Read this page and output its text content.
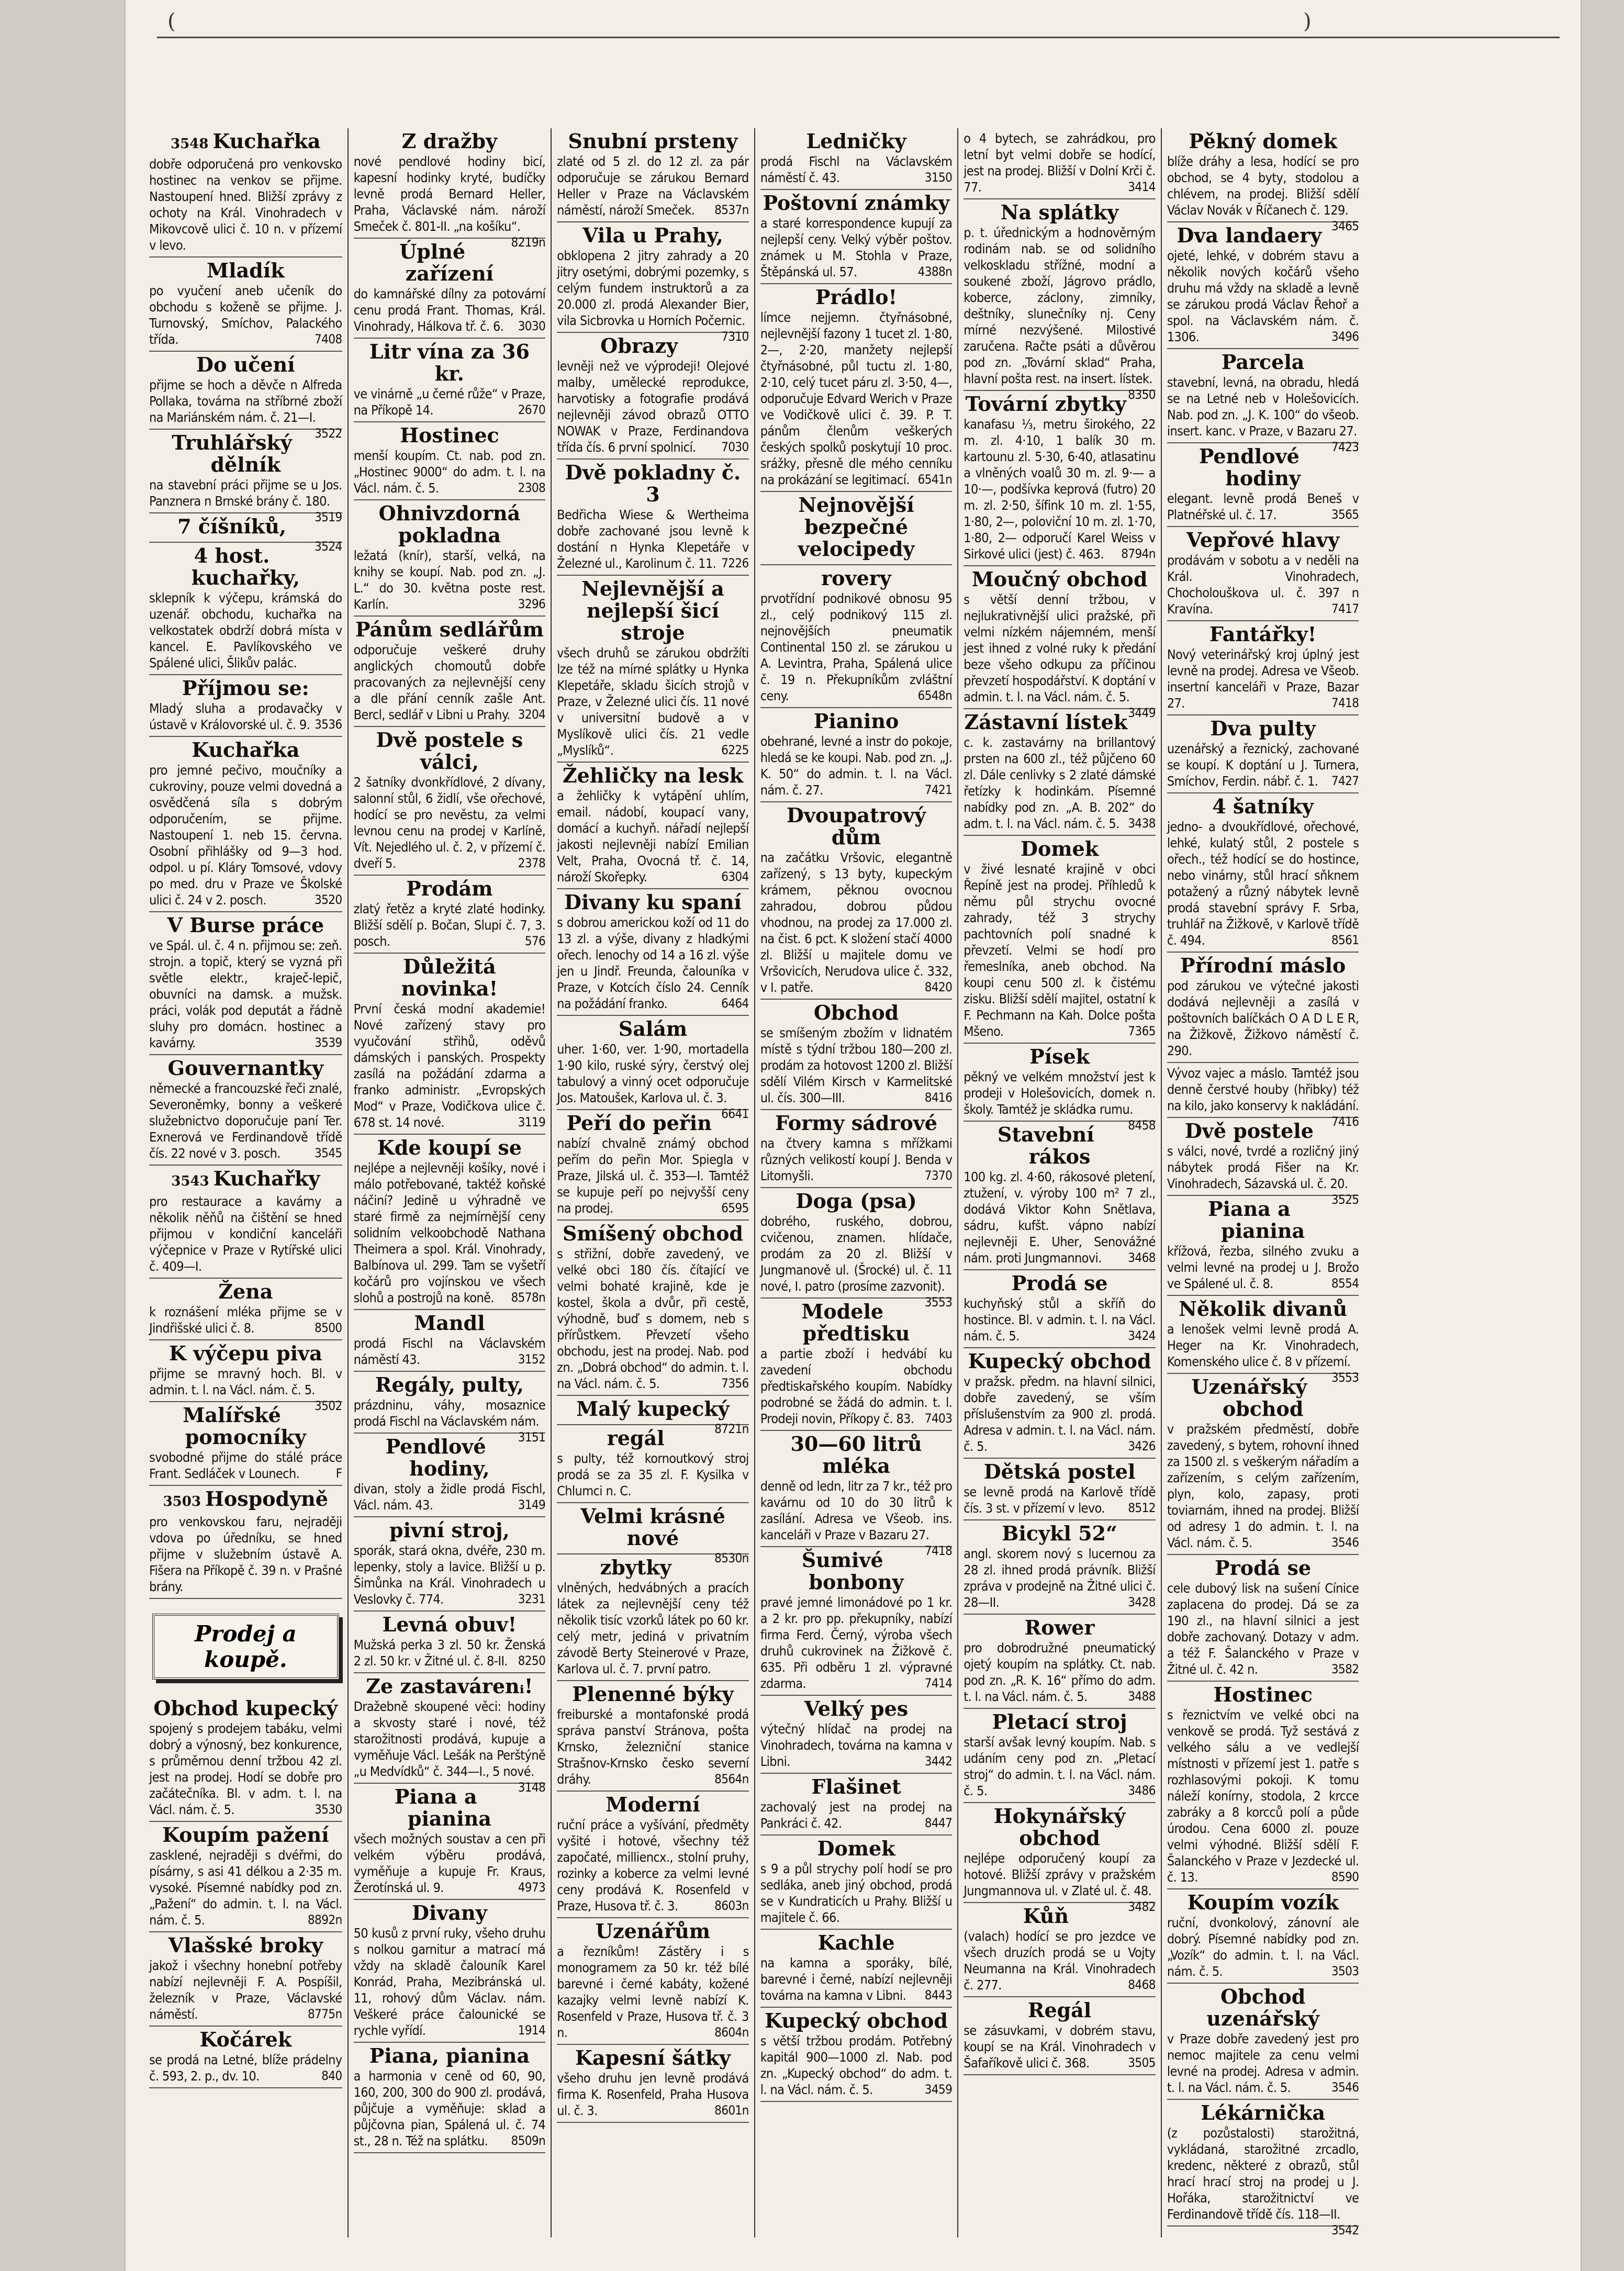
(	)
3548 Kuchařka
dobře odporučená pro venkovsko hostinec na venkov se přijme. Nastoupení hned. Bližší zprávy z ochoty na Král. Vinohradech v Mikovcově ulici č. 10 n. v přízemí v levo.
Mladík
po vyučení aneb učeník do obchodu s koženě se přijme. J. Turnovský, Smíchov, Palackého třída.	7408
Do učení
přijme se hoch a děvče n Alfreda Pollaka, továrna na stříbrné zboží na Mariánském nám. č. 21—I.
3522
Truhlářský dělník
na stavební práci přijme se u Jos. Panznera n Brnské brány č. 180.
3519
7 číšníků,
3524
4 host. kuchařky,
sklepník k výčepu, krámská do uzenář. obchodu, kuchařka na velkostatek obdrží dobrá místa v kancel. E. Pavlíkovského ve Spálené ulici, Šlikův palác.
Příjmou se:
Mladý sluha a prodavačky v ústavě v Královorské ul. č. 9. 3536
Kuchařka
pro jemné pečivo, moučníky a cukroviny, pouze velmi dovedná a osvědčená síla s dobrým odporučením, se přijme. Nastoupení 1. neb 15. června. Osobní přihlášky od 9—3 hod. odpol. u pí. Kláry Tomsové, vdovy po med. dru v Praze ve Školské ulici č. 24 v 2. posch.	3520
V Burse práce
ve Spál. ul. č. 4 n. přijmou se: zeň. strojn. a topič, který se vyzná při světle elektr., kraječ-lepič, obuvníci na damsk. a mužsk. práci, volák pod deputát a řádně sluhy pro domácn. hostinec a kavárny.	3539
Gouvernantky
německé a francouzské řeči znalé, Severoněmky, bonny a veškeré služebnictvo doporučuje paní Ter. Exnerová ve Ferdinandově třídě čís. 22 nové v 3. posch.	3545
3543 Kuchařky
pro restaurace a kavárny a několik něňů na čištění se hned přijmou v kondiční kanceláři výčepnice v Praze v Rytířské ulici č. 409—I.
Žena
k roznášení mléka přijme se v Jindřišské ulici č. 8.	8500
K výčepu piva
přijme se mravný hoch. Bl. v admin. t. l. na Václ. nám. č. 5.
3502
Malířské pomocníky
svobodné přijme do stálé práce Frant. Sedláček v Lounech.	F
3503 Hospodyně
pro venkovskou faru, nejraději vdova po úředníku, se hned přijme v služebním ústavě A. Fišera na Příkopě č. 39 n. v Prašné brány.
Prodej a koupě.
Obchod kupecký
spojený s prodejem tabáku, velmi dobrý a výnosný, bez konkurence, s průměrnou denní tržbou 42 zl. jest na prodej. Hodí se dobře pro začátečníka. Bl. v adm. t. l. na Václ. nám. č. 5.	3530
Koupím pažení
zasklené, nejraději s dvéřmi, do písárny, s asi 41 délkou a 2·35 m. vysoké. Písemné nabídky pod zn. „Pažení“ do admin. t. l. na Václ. nám. č. 5.	8892n
Vlašské broky
jakož i všechny honební potřeby nabízí nejlevněji F. A. Pospíšil, železník v Praze, Václavské náměstí.	8775n
Kočárek
se prodá na Letné, blíže prádelny č. 593, 2. p., dv. 10.	840
Z dražby
nové pendlové hodiny bicí, kapesní hodinky kryté, budíčky levně prodá Bernard Heller, Praha, Václavské nám. nároží Smeček č. 801-II. „na košíku“.
8219n
Úplné zařízení
do kamnářské dílny za potovární cenu prodá Frant. Thomas, Král. Vinohrady, Hálkova tř. č. 6. 3030
Litr vína za 36 kr.
ve vinárně „u černé růže“ v Praze, na Příkopě 14.	2670
Hostinec
menší koupím. Ct. nab. pod zn. „Hostinec 9000“ do adm. t. l. na Václ. nám. č. 5.	2308
Ohnivzdorná pokladna
ležatá (knír), starší, velká, na knihy se koupí. Nab. pod zn. „J. L.“ do 30. května poste rest. Karlín.	3296
Pánům sedlářům
odporučuje veškeré druhy anglických chomoutů dobře pracovaných za nejlevnější ceny a dle přání cenník zašle Ant. Bercl, sedlář v Libni u Prahy. 3204
Dvě postele s válci,
2 šatníky dvonkřídlové, 2 dívany, salonní stůl, 6 židlí, vše ořechové, hodící se pro nevěstu, za velmi levnou cenu na prodej v Karlíně, Vít. Nejedlého ul. č. 2, v přízemí č. dveří 5.	2378
Prodám
zlatý řetěz a kryté zlaté hodinky. Bližší sdělí p. Bočan, Slupi č. 7, 3. posch.	576
Důležitá novinka!
První česká modní akademie! Nové zařízený stavy pro vyučování střihů, oděvů dámských i panských. Prospekty zasílá na požádání zdarma a franko administr. „Evropských Mod“ v Praze, Vodičkova ulice č. 678 st. 14 nové.	3119
Kde koupí se
nejlépe a nejlevněji košíky, nové i málo potřebované, taktéž koňské náčiní? Jedině u výhradně ve staré firmě za nejmírnější ceny solidním velkoobchodě Nathana Theimera a spol. Král. Vinohrady, Balbínova ul. 299. Tam se vyšetří kočárů pro vojínskou ve všech slohů a postrojů na koně. 8578n
Mandl
prodá Fischl na Václavském náměstí 43.	3152
Regály, pulty,
prázdninu, váhy, mosaznice prodá Fischl na Václavském nám.
3151
Pendlové hodiny,
divan, stoly a židle prodá Fischl, Václ. nám. 43.	3149
pivní stroj,
sporák, stará okna, dvéře, 230 m. lepenky, stoly a lavice. Bližší u p. Šimůnka na Král. Vinohradech u Veslovky č. 774.	3231
Levná obuv!
Mužská perka 3 zl. 50 kr. Ženská 2 zl. 50 kr. v Žitné ul. č. 8-II. 8250
Ze zastavárenᵢ!
Dražebně skoupené věci: hodiny a skvosty staré i nové, též starožitnosti prodává, kupuje a vyměňuje Václ. Lešák na Perštýně „u Medvídků“ č. 344—I., 5 nové.
3148
Piana a pianina
všech možných soustav a cen při velkém výběru prodává, vyměňuje a kupuje Fr. Kraus, Žerotínská ul. 9.	4973
Divany
50 kusů z první ruky, všeho druhu s nolkou garnitur a matrací má vždy na skladě čalouník Karel Konrád, Praha, Mezibránská ul. 11, rohový dům Václav. nám. Veškeré práce čalounické se rychle vyřídí.	1914
Piana, pianina
a harmonia v ceně od 60, 90, 160, 200, 300 do 900 zl. prodává, půjčuje a vyměňuje: sklad a půjčovna pian, Spálená ul. č. 74 st., 28 n. Též na splátku. 8509n
Snubní prsteny
zlaté od 5 zl. do 12 zl. za pár odporučuje se zárukou Bernard Heller v Praze na Václavském náměstí, nároží Smeček. 8537n
Vila u Prahy,
obklopena 2 jitry zahrady a 20 jitry osetými, dobrými pozemky, s celým fundem instruktorů a za 20.000 zl. prodá Alexander Bier, vila Sicbrovka u Horních Počernic.
7310
Obrazy
levněji než ve výprodeji! Olejové malby, umělecké reprodukce, harvotisky a fotografie prodává nejlevněji závod obrazů OTTO NOWAK v Praze, Ferdinandova třída čís. 6 první spolnicí. 7030
Dvě pokladny č. 3
Bedřicha Wiese & Wertheima dobře zachované jsou levně k dostání n Hynka Klepetáře v Železné ul., Karolinum č. 11. 7226
Nejlevnější a nejlepší šicí stroje
všech druhů se zárukou obdržíti lze též na mírné splátky u Hynka Klepetáře, skladu šicích strojů v Praze, v Železné ulici čís. 11 nové v universitní budově a v Myslíkově ulici čís. 21 vedle „Myslíků“.	6225
Žehličky na lesk
a žehličky k vytápění uhlím, email. nádobí, koupací vany, domácí a kuchyň. nářadí nejlepší jakosti nejlevněji nabízí Emilian Velt, Praha, Ovocná tř. č. 14, nároží Skořepky.	6304
Divany ku spaní
s dobrou americkou koží od 11 do 13 zl. a výše, divany z hladkými ořech. lenochy od 14 a 16 zl. výše jen u Jindř. Freunda, čalouníka v Praze, v Kotcích číslo 24. Cenník na požádání franko.	6464
Salám
uher. 1·60, ver. 1·90, mortadella 1·90 kilo, ruské sýry, čerstvý olej tabulový a vinný ocet odporučuje Jos. Matoušek, Karlova ul. č. 3.
6641
Peří do peřin
nabízí chvalně známý obchod peřím do peřin Mor. Spiegla v Praze, Jilská ul. č. 353—I. Tamtéž se kupuje peří po nejvyšší ceny na prodej.	6595
Smíšený obchod
s střižní, dobře zavedený, ve velké obci 180 čís. čítající ve velmi bohaté krajině, kde je kostel, škola a dvůr, při cestě, výhodně, buď s domem, neb s přírůstkem. Převzetí všeho obchodu, jest na prodej. Nab. pod zn. „Dobrá obchod“ do admin. t. l. na Václ. nám. č. 5.	7356
Malý kupecký
8721n
regál
s pulty, též kornoutkový stroj prodá se za 35 zl. F. Kysilka v Chlumci n. C.
Velmi krásné nové
8530n
zbytky
vlněných, hedvábných a pracích látek za nejlevnější ceny též několik tisíc vzorků látek po 60 kr. celý metr, jediná v privatním závodě Berty Steinerové v Praze, Karlova ul. č. 7. první patro.
Plenenné býky
freiburské a montafonské prodá správa panství Stránova, pošta Krnsko, železniční stanice Strašnov-Krnsko česko severní dráhy.	8564n
Moderní
ruční práce a vyšívání, předměty vyšité i hotové, všechny též započaté, milliencx., stolní pruhy, rozinky a koberce za velmi levné ceny prodává K. Rosenfeld v Praze, Husova tř. č. 3.	8603n
Uzenářům
a řezníkům! Zástěry i s monogramem za 50 kr. též bílé barevné i černé kabáty, kožené kazajky velmi levně nabízí K. Rosenfeld v Praze, Husova tř. č. 3 n.	8604n
Kapesní šátky
všeho druhu jen levně prodává firma K. Rosenfeld, Praha Husova ul. č. 3.	8601n
Ledničky
prodá Fischl na Václavském náměstí č. 43.	3150
Poštovní známky
a staré korrespondence kupují za nejlepší ceny. Velký výběr poštov. známek u M. Stohla v Praze, Štěpánská ul. 57.	4388n
Prádlo!
límce nejjemn. čtyřnásobné, nejlevnější fazony 1 tucet zl. 1·80, 2—, 2·20, manžety nejlepší čtyřnásobné, půl tuctu zl. 1·80, 2·10, celý tucet páru zl. 3·50, 4—, odporučuje Edvard Werich v Praze ve Vodičkově ulici č. 39. P. T. pánům členům veškerých českých spolků poskytují 10 proc. srážky, přesně dle mého cenníku na prokázání se legitimací. 6541n
Nejnovější bezpečné velocipedy
rovery
prvotřídní podnikové obnosu 95 zl., celý podnikový 115 zl. nejnovějších pneumatik Continental 150 zl. se zárukou u A. Levintra, Praha, Spálená ulice č. 19 n. Překupníkům zvláštní ceny.	6548n
Pianino
obehrané, levné a instr do pokoje, hledá se ke koupi. Nab. pod zn. „J. K. 50“ do admin. t. l. na Václ. nám. č. 27.	7421
Dvoupatrový dům
na začátku Vršovic, elegantně zařízený, s 13 byty, kupeckým krámem, pěknou ovocnou zahradou, dobrou půdou vhodnou, na prodej za 17.000 zl. na čist. 6 pct. K složení stačí 4000 zl. Bližší u majitele domu ve Vršovicích, Nerudova ulice č. 332, v I. patře.	8420
Obchod
se smíšeným zbožím v lidnatém místě s týdní tržbou 180—200 zl. prodám za hotovost 1200 zl. Bližší sdělí Vilém Kirsch v Karmelitské ul. čís. 300—III.	8416
Formy sádrové
na čtvery kamna s mřížkami různých velikostí koupí J. Benda v Litomyšli.	7370
Doga (psa)
dobrého, ruského, dobrou, cvičenou, znamen. hlídače, prodám za 20 zl. Bližší v Jungmanově ul. (Šrocké) ul. č. 11 nové, I. patro (prosíme zazvonit).
3553
Modele předtisku
a partie zboží i hedvábí ku zavedení obchodu předtiskařského koupím. Nabídky podrobné se žádá do admin. t. l. Prodeji novin, Příkopy č. 83. 7403
30—60 litrů mléka
denně od ledn, litr za 7 kr., též pro kavárnu od 10 do 30 litrů k zasílání. Adresa ve Všeob. ins. kanceláři v Praze v Bazaru 27.
7418
Šumivé bonbony
pravé jemné limonádové po 1 kr. a 2 kr. pro pp. překupníky, nabízí firma Ferd. Černý, výroba všech druhů cukrovinek na Žižkově č. 635. Při odběru 1 zl. výpravné zdarma.	7414
Velký pes
výtečný hlídač na prodej na Vinohradech, továrna na kamna v Libni.	3442
Flašinet
zachovalý jest na prodej na Pankráci č. 42.	8447
Domek
s 9 a půl strychy polí hodí se pro sedláka, aneb jiný obchod, prodá se v Kundraticích u Prahy. Bližší u majitele č. 66.
Kachle
na kamna a sporáky, bílé, barevné i černé, nabízí nejlevněji továrna na kamna v Libni. 8443
Kupecký obchod
s větší tržbou prodám. Potřebný kapitál 900—1000 zl. Nab. pod zn. „Kupecký obchod“ do adm. t. l. na Václ. nám. č. 5.	3459
o 4 bytech, se zahrádkou, pro letní byt velmi dobře se hodící, jest na prodej. Bližší v Dolní Krči č. 77.	3414
Na splátky
p. t. úřednickým a hodnověrným rodinám nab. se od solidního velkoskladu střížné, modní a soukené zboží, Jágrovo prádlo, koberce, záclony, zimníky, deštníky, slunečníky nj. Ceny mírné nezvýšené. Milostivé zaručena. Račte psáti a důvěrou pod zn. „Tovární sklad“ Praha, hlavní pošta rest. na insert. lístek.
8350
Tovární zbytky
kanafasu ⅓, metru širokého, 22 m. zl. 4·10, 1 balík 30 m. kartounu zl. 5·30, 6·40, atlasatinu a vlněných voalů 30 m. zl. 9·— a 10·—, podšívka keprová (futro) 20 m. zl. 2·50, šífink 10 m. zl. 1·55, 1·80, 2—, poloviční 10 m. zl. 1·70, 1·80, 2— odporučí Karel Weiss v Sirkové ulici (jest) č. 463. 8794n
Moučný obchod
s větší denní tržbou, v nejlukrativnější ulici pražské, při velmi nízkém nájemném, menší jest ihned z volné ruky k předání beze všeho odkupu za příčinou převzetí hospodářství. K doptání v admin. t. l. na Václ. nám. č. 5.
3449
Zástavní lístek
c. k. zastavárny na brillantový prsten na 600 zl., též půjčeno 60 zl. Dále cenlivky s 2 zlaté dámské řetízky k hodinkám. Písemné nabídky pod zn. „A. B. 202“ do adm. t. l. na Václ. nám. č. 5. 3438
Domek
v živé lesnaté krajině v obci Řepíně jest na prodej. Příhledů k němu půl strychu ovocné zahrady, též 3 strychy pachtovních polí snadné k převzetí. Velmi se hodí pro řemeslníka, aneb obchod. Na koupi cenu 500 zl. k čistému zisku. Bližší sdělí majitel, ostatní k F. Pechmann na Kah. Dolce pošta Mšeno.	7365
Písek
pěkný ve velkém množství jest k prodeji v Holešovicích, domek n. školy. Tamtéž je skládka rumu.
8458
Stavební rákos
100 kg. zl. 4·60, rákosové pletení, ztužení, v. výroby 100 m² 7 zl., dodává Viktor Kohn Snětlava, sádru, kufšt. vápno nabízí nejlevněji E. Uher, Senovážné nám. proti Jungmannovi. 3468
Prodá se
kuchyňský stůl a skříň do hostince. Bl. v admin. t. l. na Václ. nám. č. 5.	3424
Kupecký obchod
v pražsk. předm. na hlavní silnici, dobře zavedený, se vším příslušenstvím za 900 zl. prodá. Adresa v admin. t. l. na Václ. nám. č. 5.	3426
Dětská postel
se levně prodá na Karlově třídě čís. 3 st. v přízemí v levo. 8512
Bicykl 52“
angl. skorem nový s lucernou za 28 zl. ihned prodá právník. Bližší zpráva v prodejně na Žitné ulici č. 28—II.	3428
Rower
pro dobrodružné pneumatický ojetý koupím na splátky. Ct. nab. pod zn. „R. K. 16“ přímo do adm. t. l. na Václ. nám. č. 5.	3488
Pletací stroj
starší avšak levný koupím. Nab. s udáním ceny pod zn. „Pletací stroj“ do admin. t. l. na Václ. nám. č. 5.	3486
Hokynářský obchod
nejlépe odporučený koupí za hotové. Bližší zprávy v pražském Jungmannova ul. v Zlaté ul. č. 48.
3482
Kůň
(valach) hodící se pro jezdce ve všech druzích prodá se u Vojty Neumanna na Král. Vinohradech č. 277.	8468
Regál
se zásuvkami, v dobrém stavu, koupí se na Král. Vinohradech v Šafaříkově ulici č. 368.	3505
Pěkný domek
blíže dráhy a lesa, hodící se pro obchod, se 4 byty, stodolou a chlévem, na prodej. Bližší sdělí Václav Novák v Říčanech č. 129.
3465
Dva landaery
ojeté, lehké, v dobrém stavu a několik nových kočárů všeho druhu má vždy na skladě a levně se zárukou prodá Václav Řehoř a spol. na Václavském nám. č. 1306.	3496
Parcela
stavební, levná, na obradu, hledá se na Letné neb v Holešovicích. Nab. pod zn. „J. K. 100“ do všeob. insert. kanc. v Praze, v Bazaru 27.
7423
Pendlové hodiny
elegant. levně prodá Beneš v Platnéřské ul. č. 17.	3565
Vepřové hlavy
prodávám v sobotu a v neděli na Král. Vinohradech, Chocholouškova ul. č. 397 n Kravína.	7417
Fantářky!
Nový veterinářský kroj úplný jest levně na prodej. Adresa ve Všeob. insertní kanceláři v Praze, Bazar 27.	7418
Dva pulty
uzenářský a řeznický, zachované se koupí. K doptání u J. Turnera, Smíchov, Ferdin. nábř. č. 1. 7427
4 šatníky
jedno- a dvoukřídlové, ořechové, lehké, kulatý stůl, 2 postele s ořech., též hodící se do hostince, nebo vinárny, stůl hrací sňknem potažený a různý nábytek levně prodá stavební správy F. Srba, truhlář na Žižkově, v Karlově třídě č. 494.	8561
Přírodní máslo
pod zárukou ve výtečné jakosti dodává nejlevněji a zasílá v poštovních balíčkách O A D L E R, na Žižkově, Žižkovo náměstí č. 290.
Vývoz vajec a máslo. Tamtéž jsou denně čerstvé houby (hřibky) též na kilo, jako konservy k nakládání.
7416
Dvě postele
s válci, nové, tvrdé a rozličný jiný nábytek prodá Fišer na Kr. Vinohradech, Sázavská ul. č. 20.
3525
Piana a pianina
křížová, řezba, silného zvuku a velmi levné na prodej u J. Brožo ve Spálené ul. č. 8.	8554
Několik divanů
a lenošek velmi levně prodá A. Heger na Kr. Vinohradech, Komenského ulice č. 8 v přízemí.
3553
Uzenářský obchod
v pražském předměstí, dobře zavedený, s bytem, rohovní ihned za 1500 zl. s veškerým nářadím a zařízením, s celým zařízením, plyn, kolo, zapasy, proti toviarnám, ihned na prodej. Bližší od adresy 1 do admin. t. l. na Václ. nám. č. 5.	3546
Prodá se
cele dubový lisk na sušení Cínice zaplacena do prodej. Dá se za 190 zl., na hlavní silnici a jest dobře zachovaný. Dotazy v adm. a též F. Šalanckého v Praze v Žitné ul. č. 42 n.	3582
Hostinec
s řeznictvím ve velké obci na venkově se prodá. Tyž sestává z velkého sálu a ve vedlejší místnosti v přízemí jest 1. patře s rozhlasovými pokoji. K tomu náleží konírny, stodola, 2 krcce zabráky a 8 korcců polí a půde úrodou. Cena 6000 zl. pouze velmi výhodné. Bližší sdělí F. Šalanckého v Praze v Jezdecké ul. č. 13.	8590
Koupím vozík
ruční, dvonkolový, zánovní ale dobrý. Písemné nabídky pod zn. „Vozík“ do admin. t. l. na Václ. nám. č. 5.	3503
Obchod uzenářský
v Praze dobře zavedený jest pro nemoc majitele za cenu velmi levné na prodej. Adresa v admin. t. l. na Václ. nám. č. 5.	3546
Lékárnička
(z pozůstalosti) starožitná, vykládaná, starožitné zrcadlo, kredenc, některé z obrazů, stůl hrací hrací stroj na prodej u J. Hořáka, starožitnictví ve Ferdinandově třídě čís. 118—II.
3542
